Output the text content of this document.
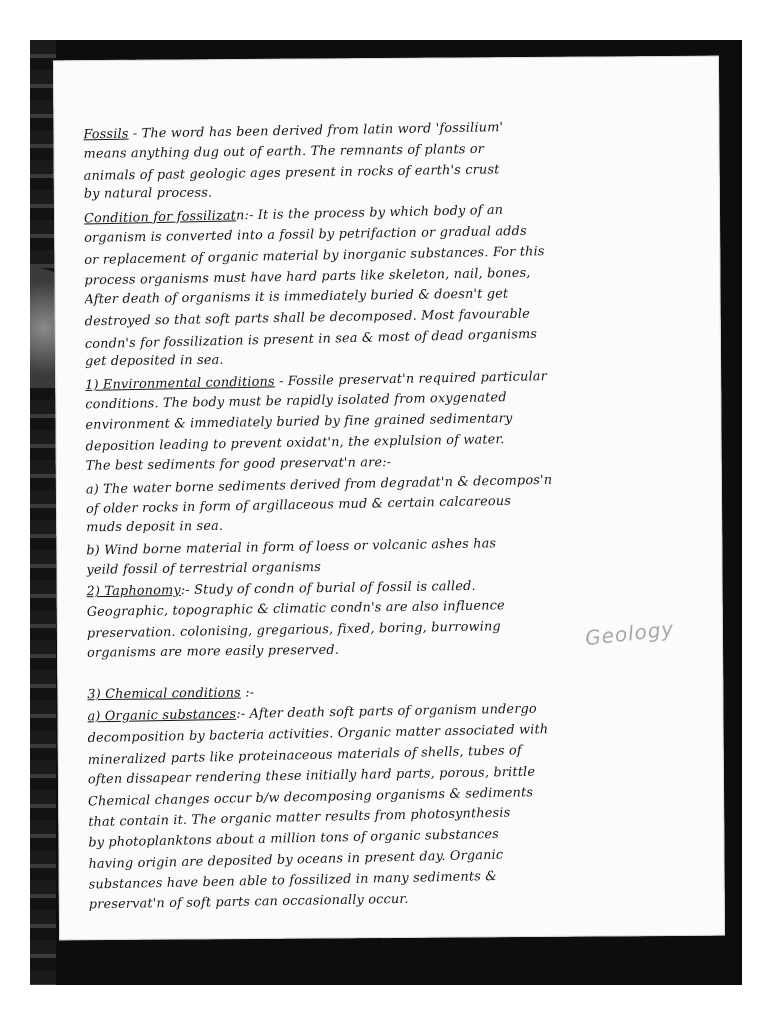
Fossils - The word has been derived from latin word 'fossilium'
means anything dug out of earth. The remnants of plants or
animals of past geologic ages present in rocks of earth's crust
by natural process.
Condition for fossilizatn:- It is the process by which body of an
organism is converted into a fossil by petrifaction or gradual adds
or replacement of organic material by inorganic substances. For this
process organisms must have hard parts like skeleton, nail, bones,
After death of organisms it is immediately buried & doesn't get
destroyed so that soft parts shall be decomposed. Most favourable
condn's for fossilization is present in sea & most of dead organisms
get deposited in sea.
1) Environmental conditions - Fossile preservat'n required particular
conditions. The body must be rapidly isolated from oxygenated
environment & immediately buried by fine grained sedimentary
deposition leading to prevent oxidat'n, the explulsion of water.
The best sediments for good preservat'n are:-
a) The water borne sediments derived from degradat'n & decompos'n
of older rocks in form of argillaceous mud & certain calcareous
muds deposit in sea.
b) Wind borne material in form of loess or volcanic ashes has
yeild fossil of terrestrial organisms
2) Taphonomy:- Study of condn of burial of fossil is called.
Geographic, topographic & climatic condn's are also influence
preservation. colonising, gregarious, fixed, boring, burrowing
organisms are more easily preserved.
3) Chemical conditions :-
a) Organic substances:- After death soft parts of organism undergo
decomposition by bacteria activities. Organic matter associated with
mineralized parts like proteinaceous materials of shells, tubes of
often dissapear rendering these initially hard parts, porous, brittle
Chemical changes occur b/w decomposing organisms & sediments
that contain it. The organic matter results from photosynthesis
by photoplanktons about a million tons of organic substances
having origin are deposited by oceans in present day. Organic
substances have been able to fossilized in many sediments &
preservat'n of soft parts can occasionally occur.
Geology
